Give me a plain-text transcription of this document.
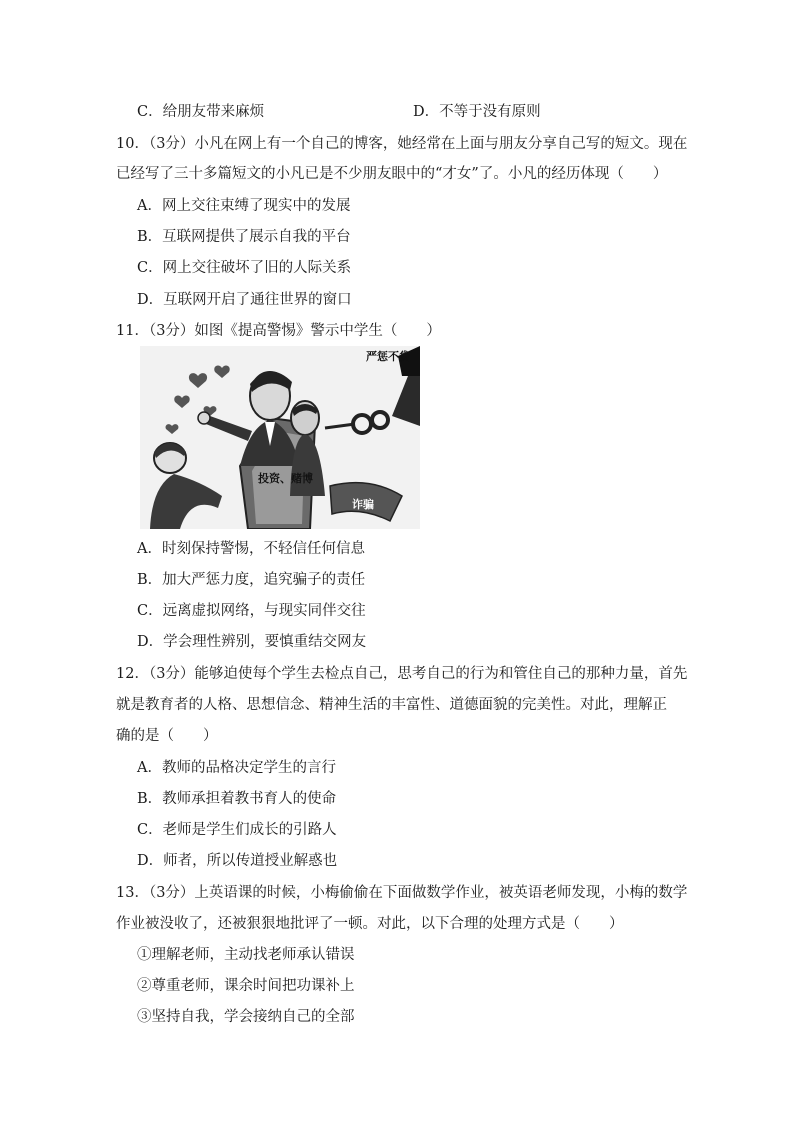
C．给朋友带来麻烦	D．不等于没有原则
10．（3分）小凡在网上有一个自己的博客，她经常在上面与朋友分享自己写的短文。现在
已经写了三十多篇短文的小凡已是不少朋友眼中的“才女”了。小凡的经历体现（　　）
A．网上交往束缚了现实中的发展
B．互联网提供了展示自我的平台
C．网上交往破坏了旧的人际关系
D．互联网开启了通往世界的窗口
11．（3分）如图《提高警惕》警示中学生（　　）
严惩不贷
投资、赌博
诈骗
A．时刻保持警惕，不轻信任何信息
B．加大严惩力度，追究骗子的责任
C．远离虚拟网络，与现实同伴交往
D．学会理性辨别，要慎重结交网友
12．（3分）能够迫使每个学生去检点自己，思考自己的行为和管住自己的那种力量，首先
就是教育者的人格、思想信念、精神生活的丰富性、道德面貌的完美性。对此，理解正
确的是（　　）
A．教师的品格决定学生的言行
B．教师承担着教书育人的使命
C．老师是学生们成长的引路人
D．师者，所以传道授业解惑也
13．（3分）上英语课的时候，小梅偷偷在下面做数学作业，被英语老师发现，小梅的数学
作业被没收了，还被狠狠地批评了一顿。对此，以下合理的处理方式是（　　）
①理解老师，主动找老师承认错误
②尊重老师，课余时间把功课补上
③坚持自我，学会接纳自己的全部
